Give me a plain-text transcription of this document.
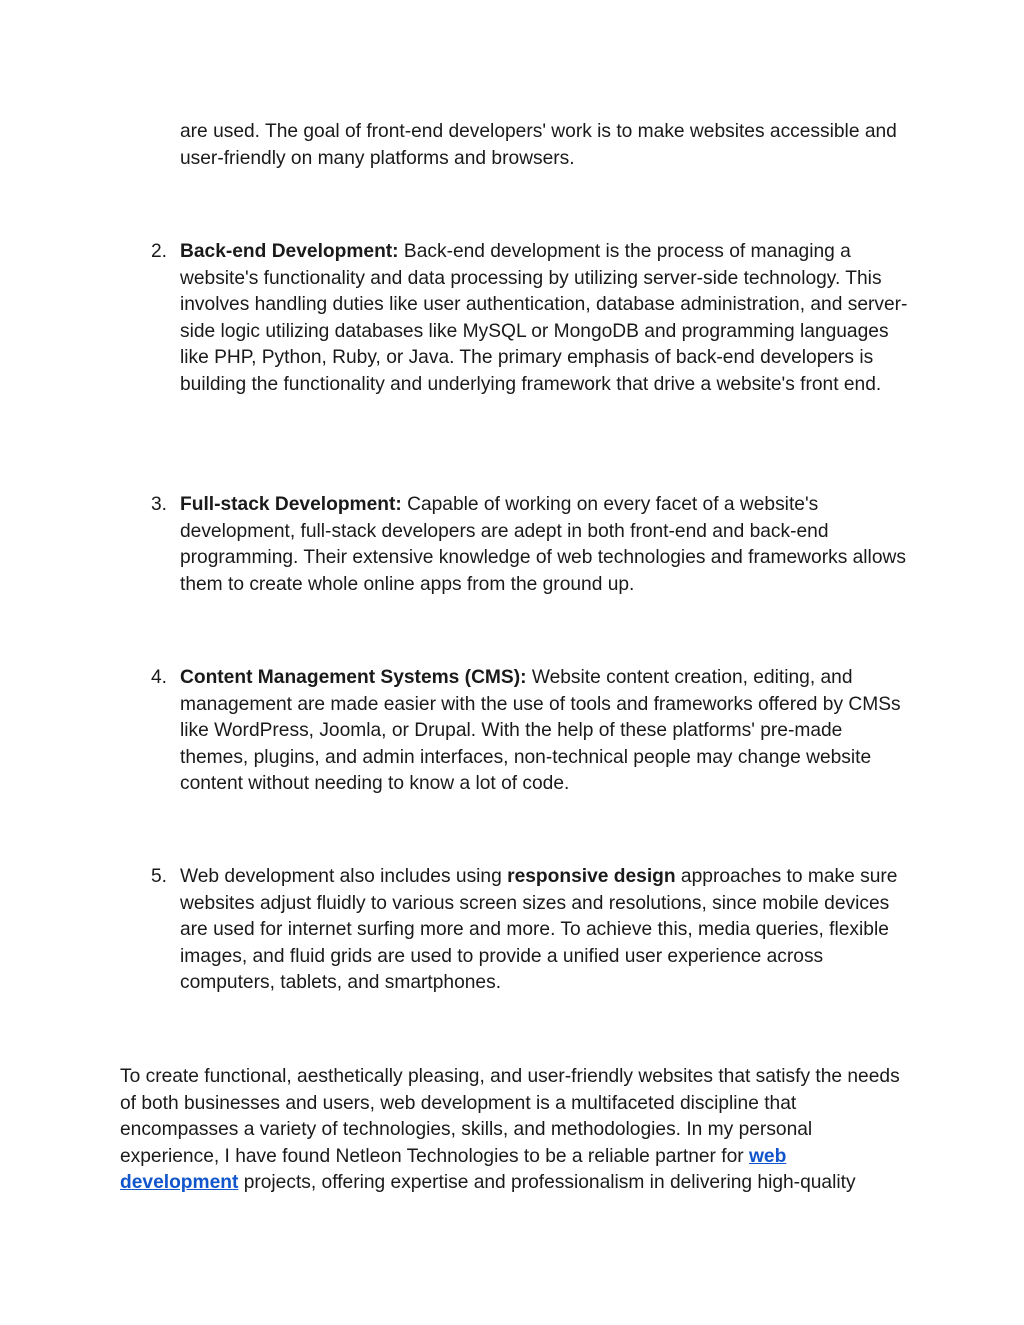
are used. The goal of front-end developers' work is to make websites accessible and user-friendly on many platforms and browsers.

2. Back-end Development: Back-end development is the process of managing a website's functionality and data processing by utilizing server-side technology. This involves handling duties like user authentication, database administration, and server-side logic utilizing databases like MySQL or MongoDB and programming languages like PHP, Python, Ruby, or Java. The primary emphasis of back-end developers is building the functionality and underlying framework that drive a website's front end.

3. Full-stack Development: Capable of working on every facet of a website's development, full-stack developers are adept in both front-end and back-end programming. Their extensive knowledge of web technologies and frameworks allows them to create whole online apps from the ground up.

4. Content Management Systems (CMS): Website content creation, editing, and management are made easier with the use of tools and frameworks offered by CMSs like WordPress, Joomla, or Drupal. With the help of these platforms' pre-made themes, plugins, and admin interfaces, non-technical people may change website content without needing to know a lot of code.

5. Web development also includes using responsive design approaches to make sure websites adjust fluidly to various screen sizes and resolutions, since mobile devices are used for internet surfing more and more. To achieve this, media queries, flexible images, and fluid grids are used to provide a unified user experience across computers, tablets, and smartphones.

To create functional, aesthetically pleasing, and user-friendly websites that satisfy the needs of both businesses and users, web development is a multifaceted discipline that encompasses a variety of technologies, skills, and methodologies. In my personal experience, I have found Netleon Technologies to be a reliable partner for web development projects, offering expertise and professionalism in delivering high-quality
